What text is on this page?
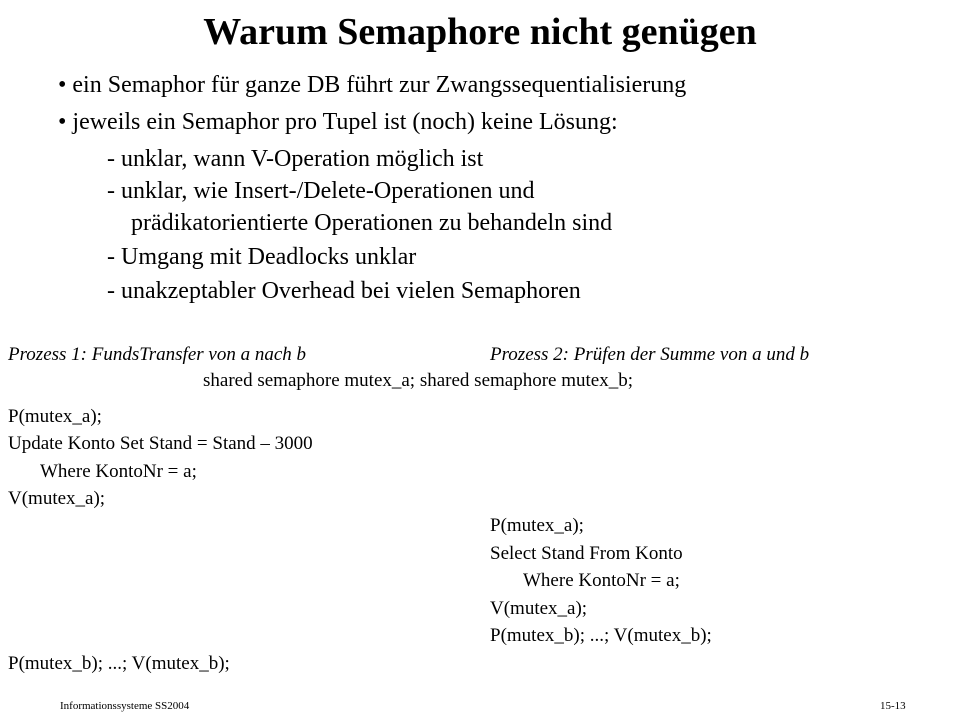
Warum Semaphore nicht genügen
• ein Semaphor für ganze DB führt zur Zwangssequentialisierung
• jeweils ein Semaphor pro Tupel ist (noch) keine Lösung:
- unklar, wann V-Operation möglich ist
- unklar, wie Insert-/Delete-Operationen und
prädikatorientierte Operationen zu behandeln sind
- Umgang mit Deadlocks unklar
- unakzeptabler Overhead bei vielen Semaphoren
Prozess 1: FundsTransfer von a nach b	Prozess 2: Prüfen der Summe von a und b
shared semaphore mutex_a; shared semaphore mutex_b;
P(mutex_a);
Update Konto Set Stand = Stand – 3000
Where KontoNr = a;
V(mutex_a);
P(mutex_a);
Select Stand From Konto
Where KontoNr = a;
V(mutex_a);
P(mutex_b); ...; V(mutex_b);
P(mutex_b); ...; V(mutex_b);
Informationssysteme SS2004	15-13
